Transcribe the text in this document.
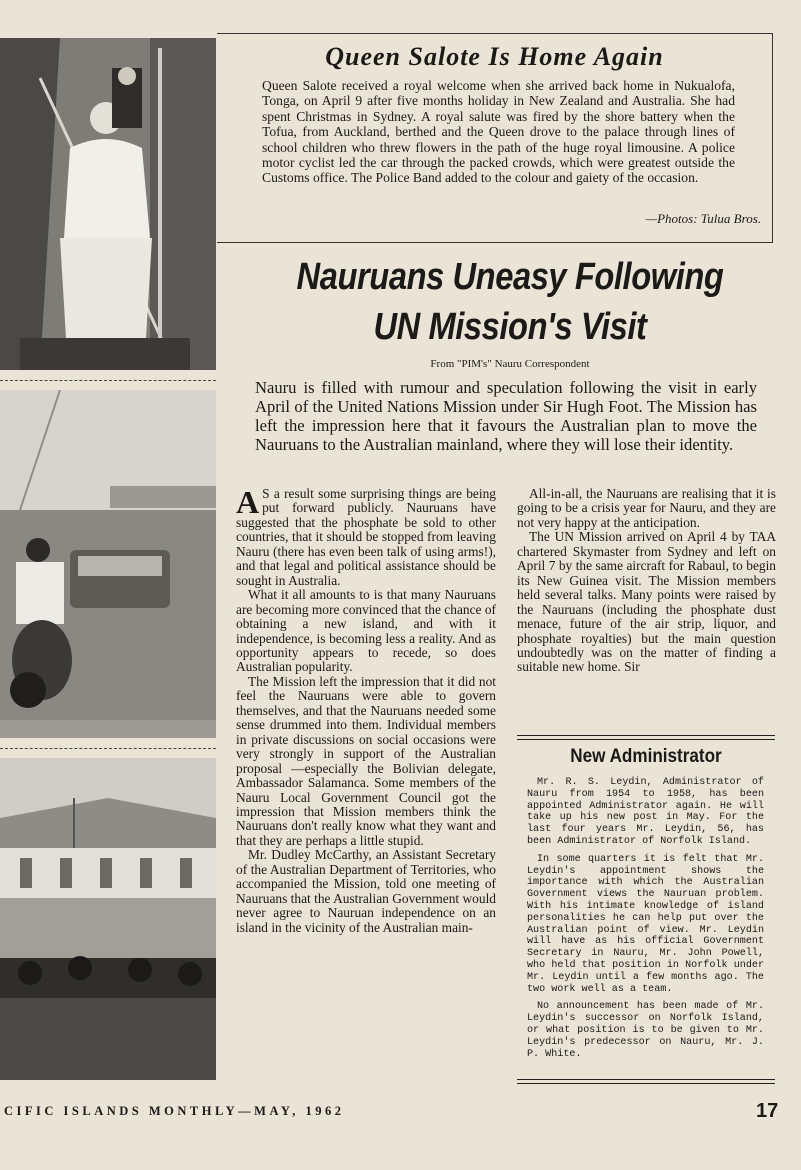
Queen Salote Is Home Again

Queen Salote received a royal welcome when she arrived back home in Nukualofa, Tonga, on April 9 after five months holiday in New Zealand and Australia. She had spent Christmas in Sydney. A royal salute was fired by the shore battery when the Tofua, from Auckland, berthed and the Queen drove to the palace through lines of school children who threw flowers in the path of the huge royal limousine. A police motor cyclist led the car through the packed crowds, which were greatest outside the Customs office. The Police Band added to the colour and gaiety of the occasion.

—Photos: Tulua Bros.

Nauruans Uneasy Following
UN Mission's Visit

From "PIM's" Nauru Correspondent

Nauru is filled with rumour and speculation following the visit in early April of the United Nations Mission under Sir Hugh Foot. The Mission has left the impression here that it favours the Australian plan to move the Nauruans to the Australian mainland, where they will lose their identity.

A S a result some surprising things are being put forward publicly. Nauruans have suggested that the phosphate be sold to other countries, that it should be stopped from leaving Nauru (there has even been talk of using arms!), and that legal and political assistance should be sought in Australia.

What it all amounts to is that many Nauruans are becoming more convinced that the chance of obtaining a new island, and with it independence, is becoming less a reality. And as opportunity appears to recede, so does Australian popularity.

The Mission left the impression that it did not feel the Nauruans were able to govern themselves, and that the Nauruans needed some sense drummed into them. Individual members in private discussions on social occasions were very strongly in support of the Australian proposal —especially the Bolivian delegate, Ambassador Salamanca. Some members of the Nauru Local Government Council got the impression that Mission members think the Nauruans don't really know what they want and that they are perhaps a little stupid.

Mr. Dudley McCarthy, an Assistant Secretary of the Australian Department of Territories, who accompanied the Mission, told one meeting of Nauruans that the Australian Government would never agree to Nauruan independence on an island in the vicinity of the Australian main-

All-in-all, the Nauruans are realising that it is going to be a crisis year for Nauru, and they are not very happy at the anticipation.

The UN Mission arrived on April 4 by TAA chartered Skymaster from Sydney and left on April 7 by the same aircraft for Rabaul, to begin its New Guinea visit. The Mission members held several talks. Many points were raised by the Nauruans (including the phosphate dust menace, future of the air strip, liquor, and phosphate royalties) but the main question undoubtedly was on the matter of finding a suitable new home. Sir

New Administrator

Mr. R. S. Leydin, Administrator of Nauru from 1954 to 1958, has been appointed Administrator again. He will take up his new post in May. For the last four years Mr. Leydin, 56, has been Administrator of Norfolk Island.

In some quarters it is felt that Mr. Leydin's appointment shows the importance with which the Australian Government views the Nauruan problem. With his intimate knowledge of island personalities he can help put over the Australian point of view. Mr. Leydin will have as his official Government Secretary in Nauru, Mr. John Powell, who held that position in Norfolk under Mr. Leydin until a few months ago. The two work well as a team.

No announcement has been made of Mr. Leydin's successor on Norfolk Island, or what position is to be given to Mr. Leydin's predecessor on Nauru, Mr. J. P. White.

CIFIC ISLANDS MONTHLY—MAY, 1962	17
